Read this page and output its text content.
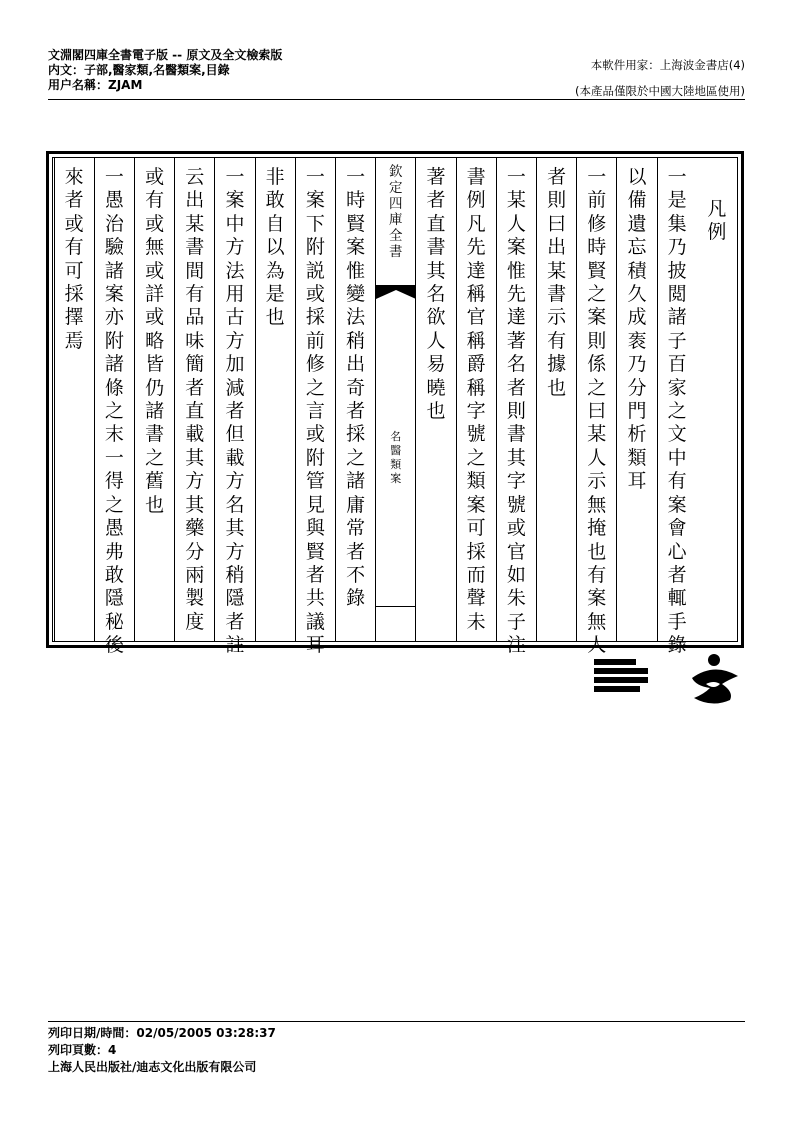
文淵閣四庫全書電子版 -- 原文及全文檢索版
内文：子部,醫家類,名醫類案,目錄
用户名稱：ZJAM
本軟件用家：上海波金書店(4)
(本產品僅限於中國大陸地區使用)
凡
例
一
是
集
乃
披
閲
諸
子
百
家
之
文
中
有
案
會
心
者
輒
手
錄
以
備
遺
忘
積
久
成
袠
乃
分
門
析
類
耳
一
前
修
時
賢
之
案
則
係
之
曰
某
人
示
無
掩
也
有
案
無
人
者
則
曰
出
某
書
示
有
據
也
一
某
人
案
惟
先
達
著
名
者
則
書
其
字
號
或
官
如
朱
子
注
書
例
凡
先
達
稱
官
稱
爵
稱
字
號
之
類
案
可
採
而
聲
未
著
者
直
書
其
名
欲
人
易
曉
也
欽
定
四
庫
全
書
名
醫
類
案
一
時
賢
案
惟
變
法
稍
出
奇
者
採
之
諸
庸
常
者
不
錄
一
案
下
附
説
或
採
前
修
之
言
或
附
管
見
與
賢
者
共
議
耳
非
敢
自
以
為
是
也
一
案
中
方
法
用
古
方
加
減
者
但
載
方
名
其
方
稍
隱
者
註
云
出
某
書
間
有
品
味
簡
者
直
載
其
方
其
藥
分
兩
製
度
或
有
或
無
或
詳
或
略
皆
仍
諸
書
之
舊
也
一
愚
治
驗
諸
案
亦
附
諸
條
之
末
一
得
之
愚
弗
敢
隱
秘
後
來
者
或
有
可
採
擇
焉
列印日期/時間：02/05/2005 03:28:37
列印頁數：4
上海人民出版社/迪志文化出版有限公司
